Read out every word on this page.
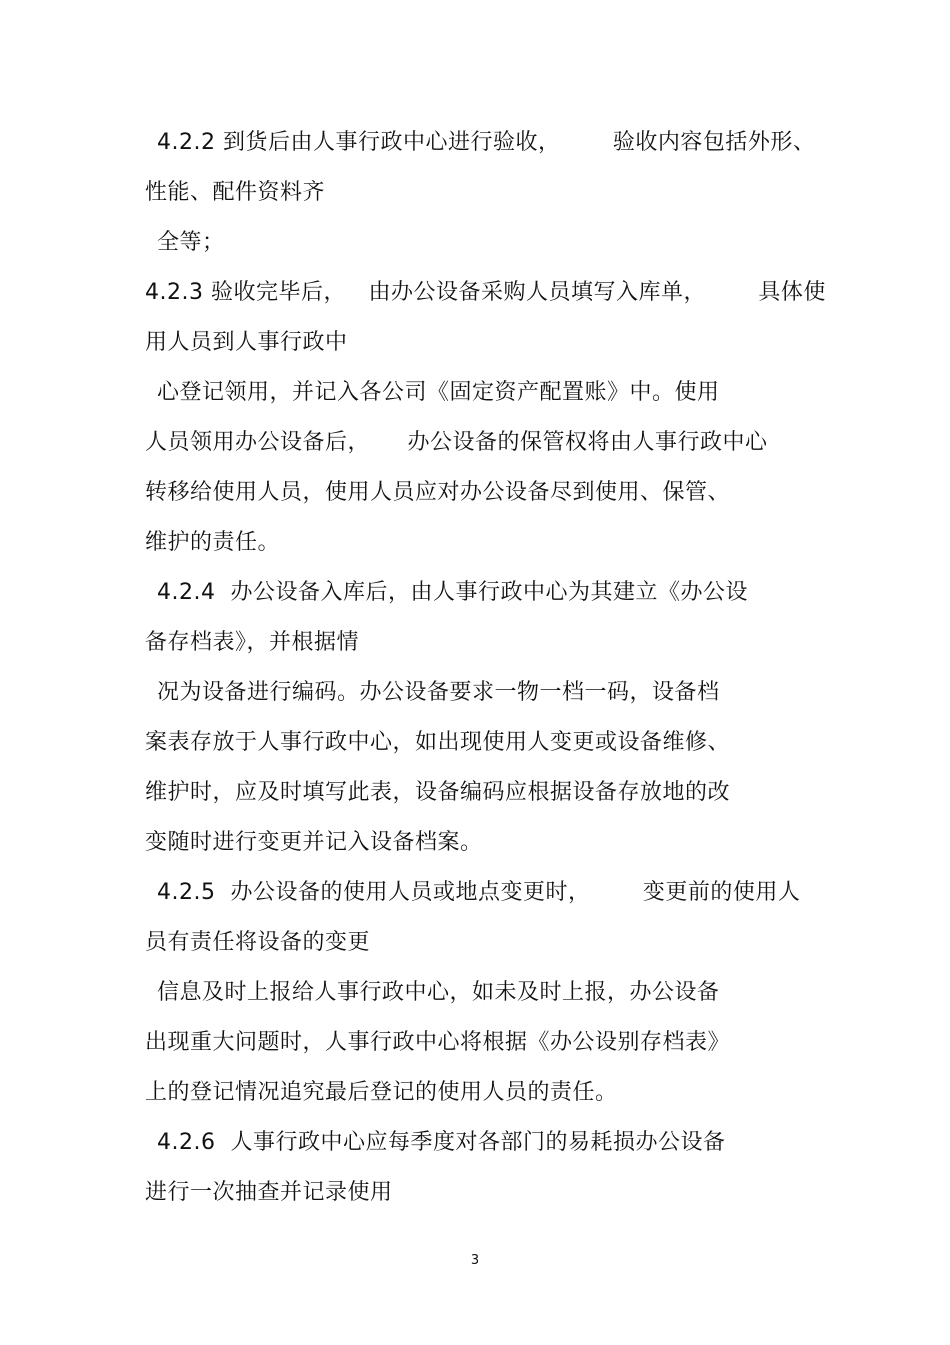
4.2.2 到货后由人事行政中心进行验收，       验收内容包括外形、
性能、配件资料齐
全等；
4.2.3 验收完毕后，   由办公设备采购人员填写入库单，       具体使
用人员到人事行政中
心登记领用，并记入各公司《固定资产配置账》中。使用
人员领用办公设备后，     办公设备的保管权将由人事行政中心
转移给使用人员，使用人员应对办公设备尽到使用、保管、
维护的责任。
4.2.4  办公设备入库后，由人事行政中心为其建立《办公设
备存档表》，并根据情
况为设备进行编码。办公设备要求一物一档一码，设备档
案表存放于人事行政中心，如出现使用人变更或设备维修、
维护时，应及时填写此表，设备编码应根据设备存放地的改
变随时进行变更并记入设备档案。
4.2.5  办公设备的使用人员或地点变更时，       变更前的使用人
员有责任将设备的变更
信息及时上报给人事行政中心，如未及时上报，办公设备
出现重大问题时，人事行政中心将根据《办公设别存档表》
上的登记情况追究最后登记的使用人员的责任。
4.2.6  人事行政中心应每季度对各部门的易耗损办公设备
进行一次抽查并记录使用
3
